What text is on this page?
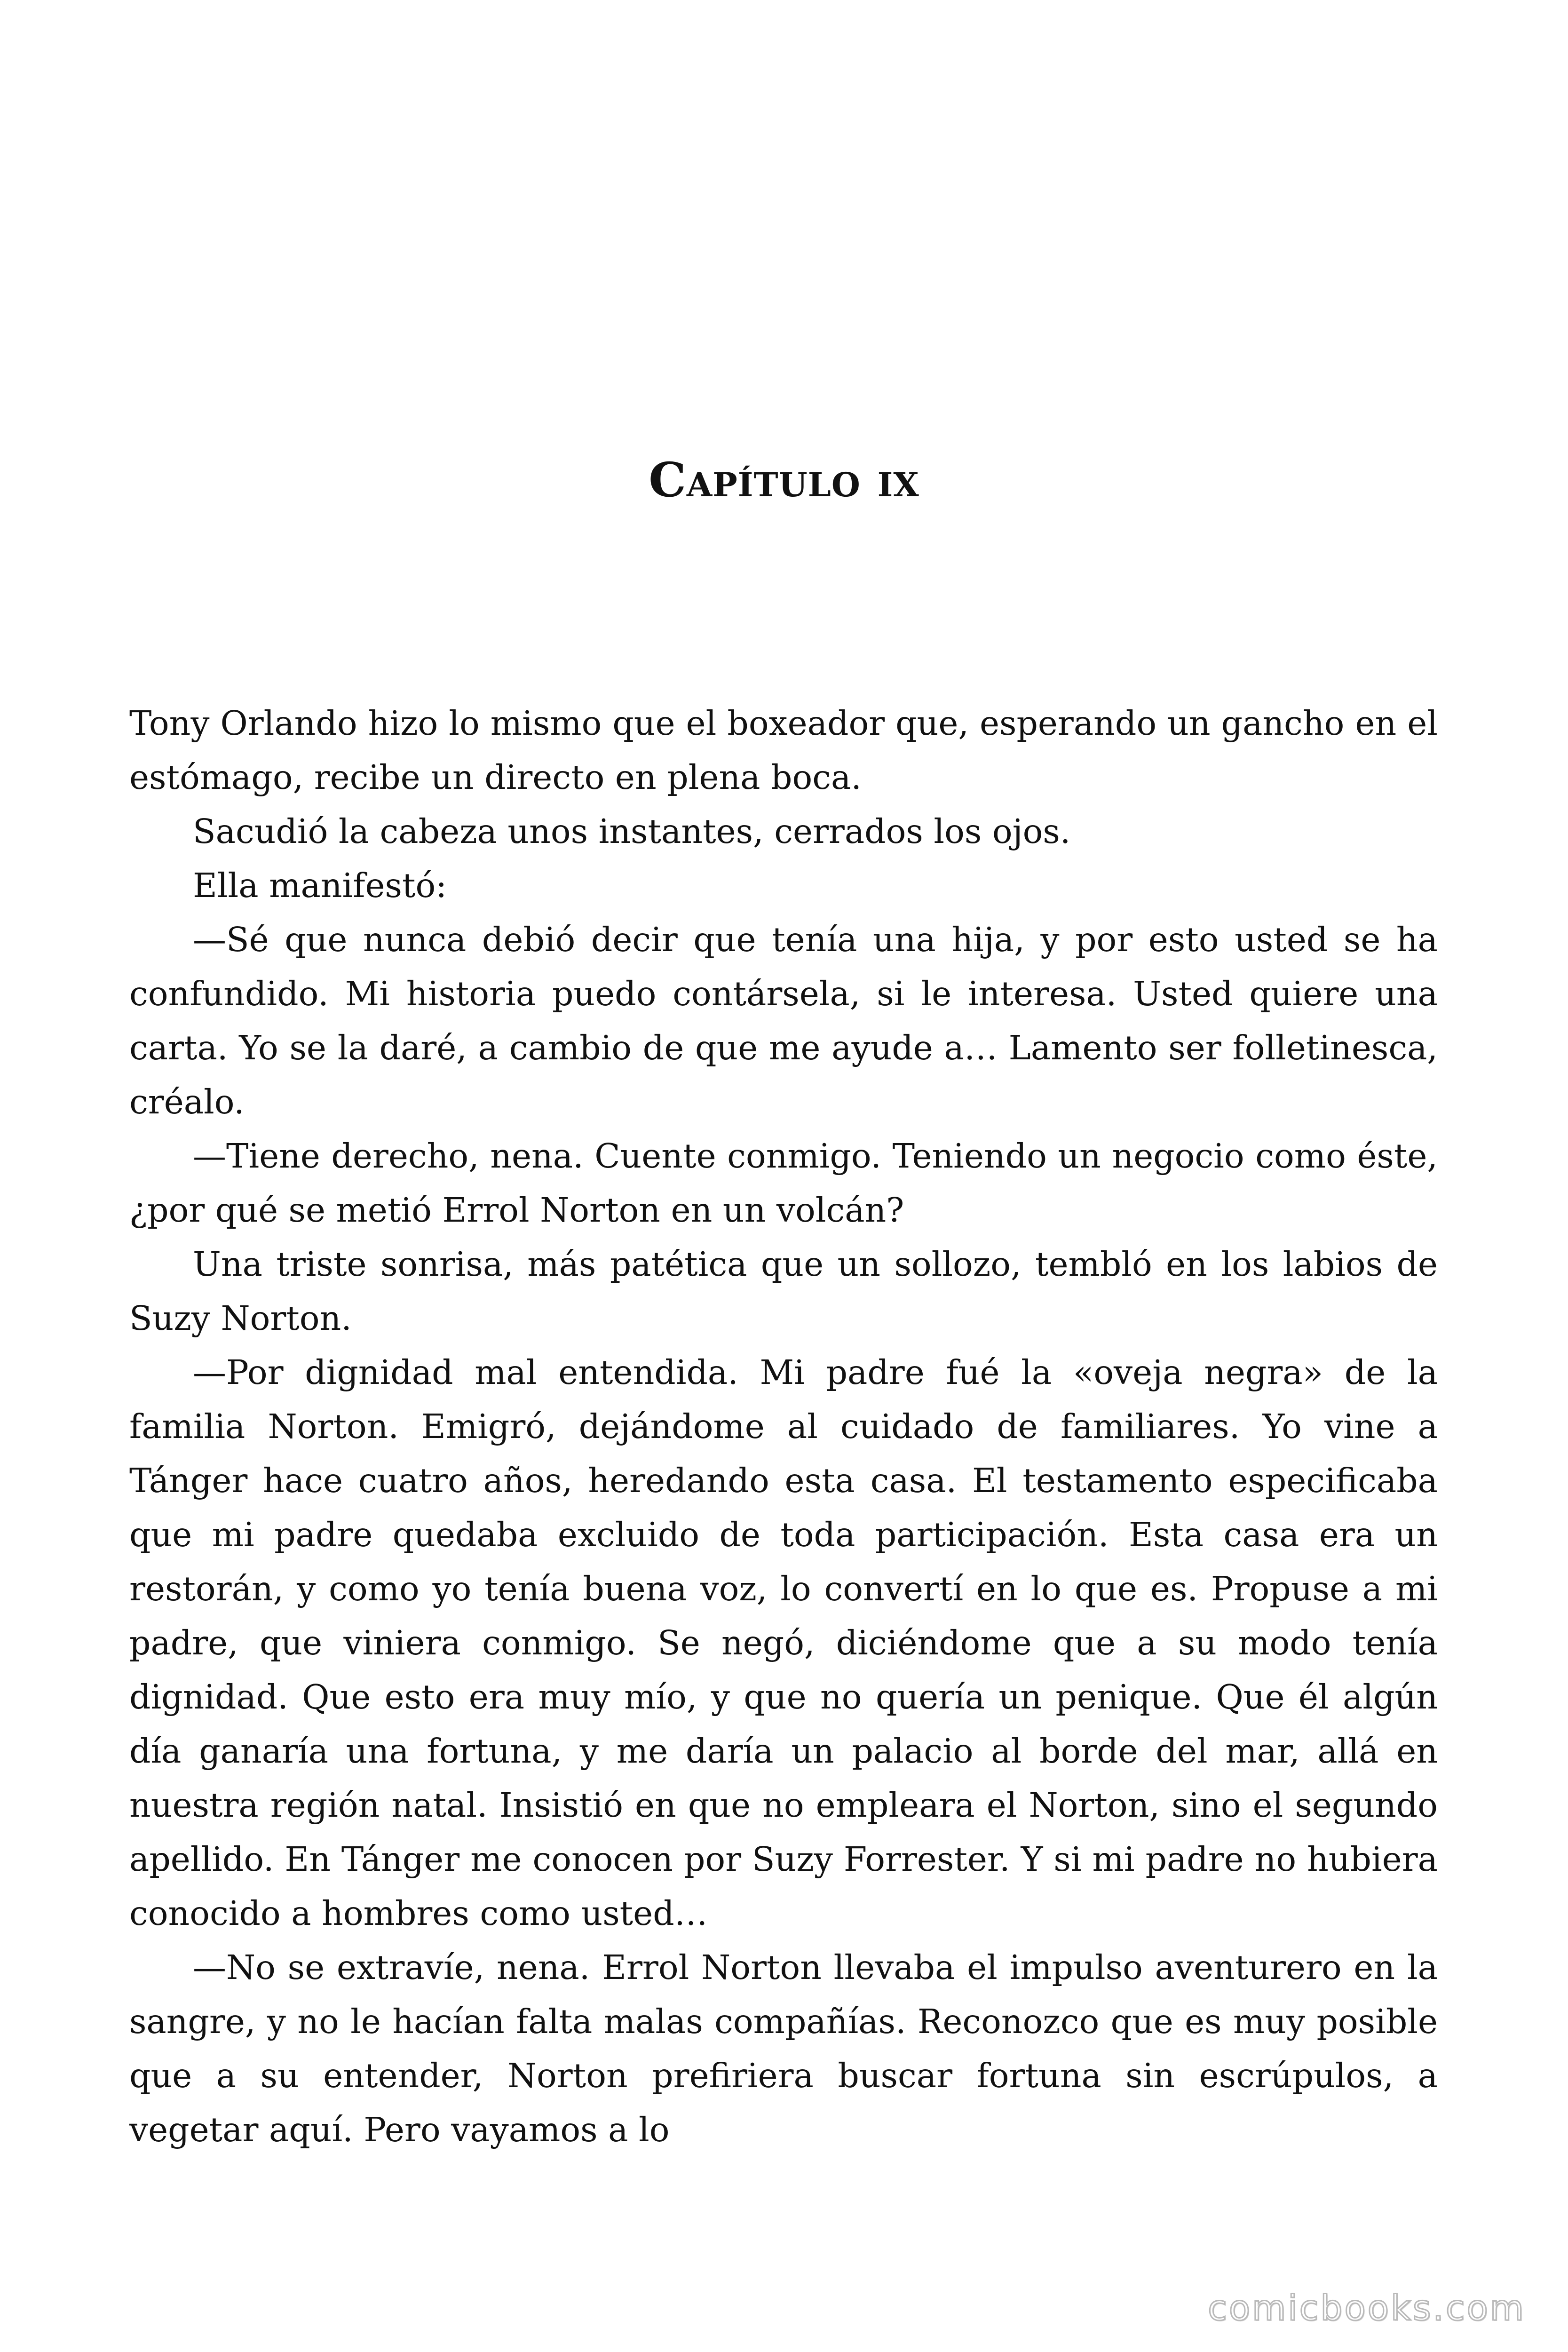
Capítulo ix

Tony Orlando hizo lo mismo que el boxeador que, esperando un gancho en el estómago, recibe un directo en plena boca.

Sacudió la cabeza unos instantes, cerrados los ojos.

Ella manifestó:

—Sé que nunca debió decir que tenía una hija, y por esto usted se ha confundido. Mi historia puedo contársela, si le interesa. Usted quiere una carta. Yo se la daré, a cambio de que me ayude a… Lamento ser folletinesca, créalo.

—Tiene derecho, nena. Cuente conmigo. Teniendo un negocio como éste, ¿por qué se metió Errol Norton en un volcán?

Una triste sonrisa, más patética que un sollozo, tembló en los labios de Suzy Norton.

—Por dignidad mal entendida. Mi padre fué la «oveja negra» de la familia Norton. Emigró, dejándome al cuidado de familiares. Yo vine a Tánger hace cuatro años, heredando esta casa. El testamento especificaba que mi padre quedaba excluido de toda participación. Esta casa era un restorán, y como yo tenía buena voz, lo convertí en lo que es. Propuse a mi padre, que viniera conmigo. Se negó, diciéndome que a su modo tenía dignidad. Que esto era muy mío, y que no quería un penique. Que él algún día ganaría una fortuna, y me daría un palacio al borde del mar, allá en nuestra región natal. Insistió en que no empleara el Norton, sino el segundo apellido. En Tánger me conocen por Suzy Forrester. Y si mi padre no hubiera conocido a hombres como usted…

—No se extravíe, nena. Errol Norton llevaba el impulso aventurero en la sangre, y no le hacían falta malas compañías. Reconozco que es muy posible que a su entender, Norton prefiriera buscar fortuna sin escrúpulos, a vegetar aquí. Pero vayamos a lo

comicbooks.com
